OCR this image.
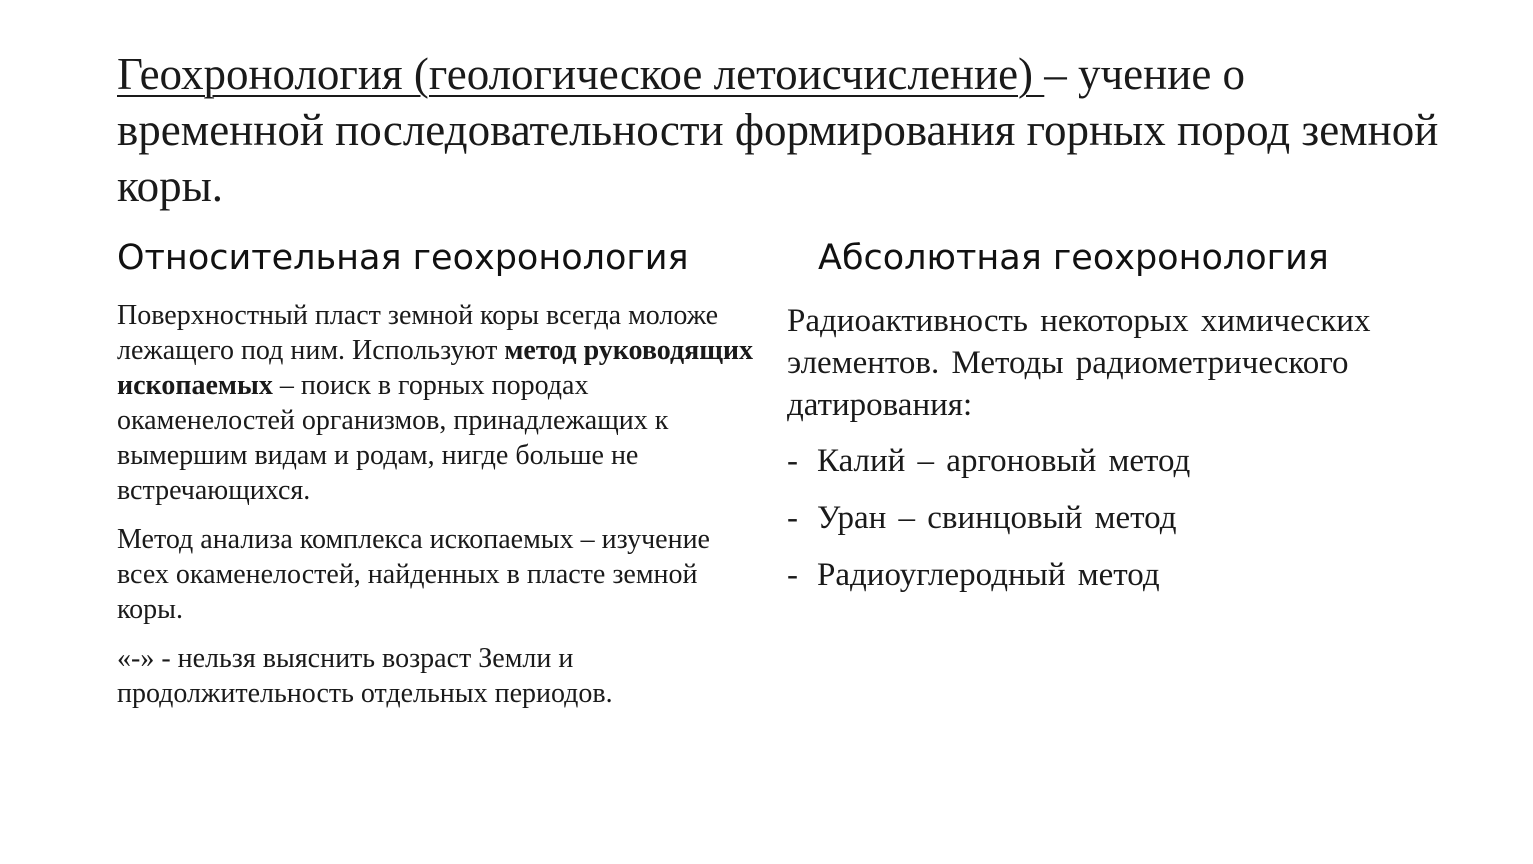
Геохронология (геологическое летоисчисление) – учение о временной последовательности формирования горных пород земной коры.
Относительная геохронология	Абсолютная геохронология

Поверхностный пласт земной коры всегда моложе лежащего под ним. Используют метод руководящих ископаемых – поиск в горных породах окаменелостей организмов, принадлежащих к вымершим видам и родам, нигде больше не встречающихся.

Метод анализа комплекса ископаемых – изучение всех окаменелостей, найденных в пласте земной коры.

«-» - нельзя выяснить возраст Земли и продолжительность отдельных периодов.

Радиоактивность некоторых химических элементов. Методы радиометрического датирования:

- Калий – аргоновый метод
- Уран – свинцовый метод
- Радиоуглеродный метод
